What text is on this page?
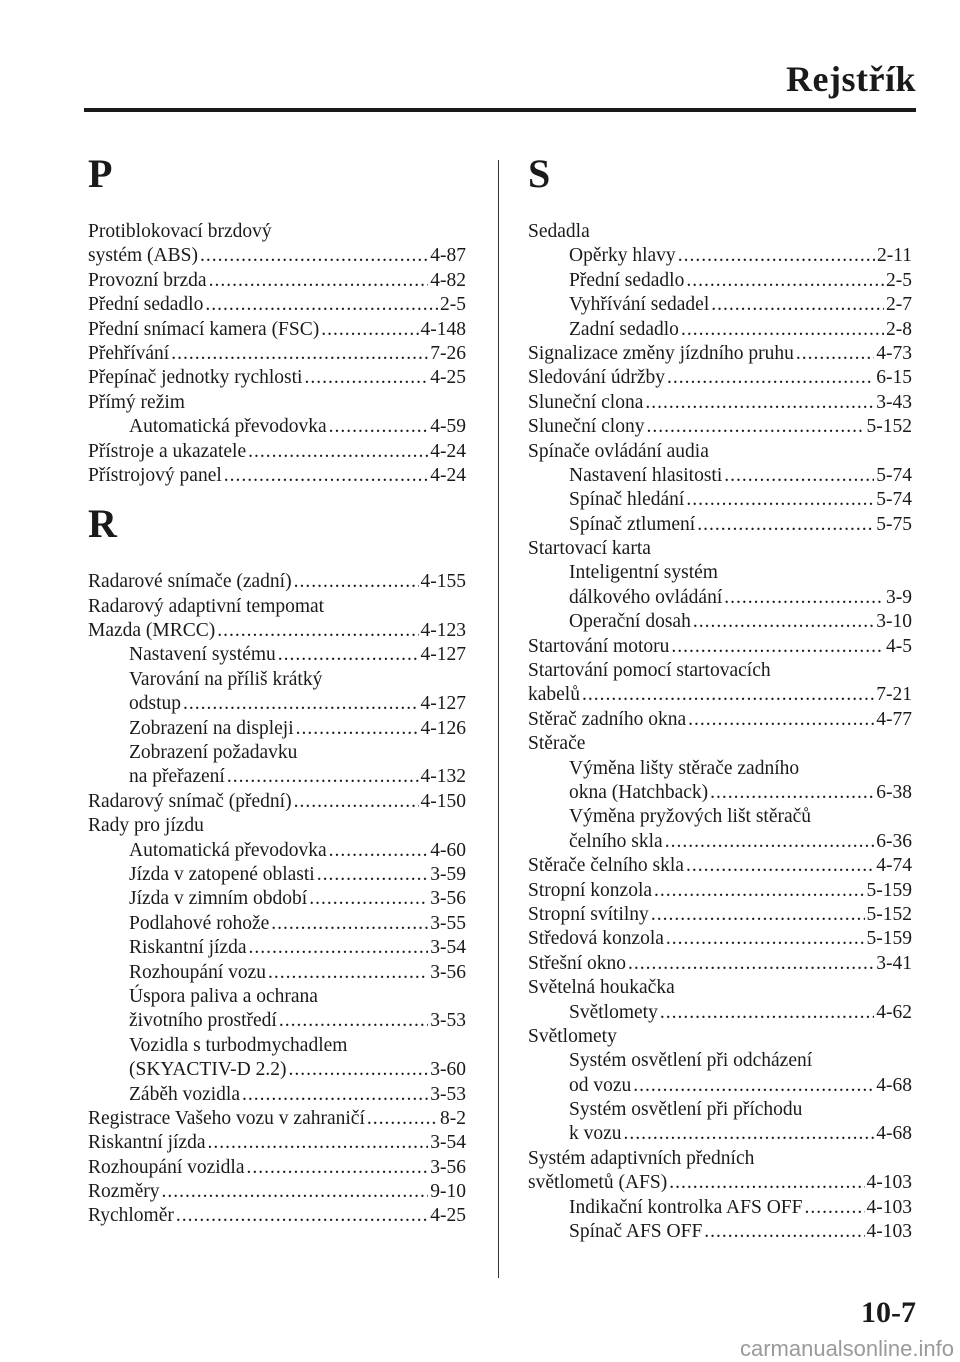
Rejstřík
P
Protiblokovací brzdový
systém (ABS) .....	4-87
Provozní brzda .....	4-82
Přední sedadlo .....	2-5
Přední snímací kamera (FSC) .....	4-148
Přehřívání .....	7-26
Přepínač jednotky rychlosti .....	4-25
Přímý režim
Automatická převodovka .....	4-59
Přístroje a ukazatele .....	4-24
Přístrojový panel .....	4-24
R
Radarové snímače (zadní) .....	4-155
Radarový adaptivní tempomat
Mazda (MRCC) .....	4-123
Nastavení systému .....	4-127
Varování na příliš krátký
odstup .....	4-127
Zobrazení na displeji .....	4-126
Zobrazení požadavku
na přeřazení .....	4-132
Radarový snímač (přední) .....	4-150
Rady pro jízdu
Automatická převodovka .....	4-60
Jízda v zatopené oblasti .....	3-59
Jízda v zimním období .....	3-56
Podlahové rohože .....	3-55
Riskantní jízda .....	3-54
Rozhoupání vozu .....	3-56
Úspora paliva a ochrana
životního prostředí .....	3-53
Vozidla s turbodmychadlem
(SKYACTIV-D 2.2) .....	3-60
Záběh vozidla .....	3-53
Registrace Vašeho vozu v zahraničí .....	8-2
Riskantní jízda .....	3-54
Rozhoupání vozidla .....	3-56
Rozměry .....	9-10
Rychloměr .....	4-25
S
Sedadla
Opěrky hlavy .....	2-11
Přední sedadlo .....	2-5
Vyhřívání sedadel .....	2-7
Zadní sedadlo .....	2-8
Signalizace změny jízdního pruhu .....	4-73
Sledování údržby .....	6-15
Sluneční clona .....	3-43
Sluneční clony .....	5-152
Spínače ovládání audia
Nastavení hlasitosti .....	5-74
Spínač hledání .....	5-74
Spínač ztlumení .....	5-75
Startovací karta
Inteligentní systém
dálkového ovládání .....	3-9
Operační dosah .....	3-10
Startování motoru .....	4-5
Startování pomocí startovacích
kabelů .....	7-21
Stěrač zadního okna .....	4-77
Stěrače
Výměna lišty stěrače zadního
okna (Hatchback) .....	6-38
Výměna pryžových lišt stěračů
čelního skla .....	6-36
Stěrače čelního skla .....	4-74
Stropní konzola .....	5-159
Stropní svítilny .....	5-152
Středová konzola .....	5-159
Střešní okno .....	3-41
Světelná houkačka
Světlomety .....	4-62
Světlomety
Systém osvětlení při odcházení
od vozu .....	4-68
Systém osvětlení při příchodu
k vozu .....	4-68
Systém adaptivních předních
světlometů (AFS) .....	4-103
Indikační kontrolka AFS OFF .....	4-103
Spínač AFS OFF .....	4-103
10-7
carmanualsonline.info
